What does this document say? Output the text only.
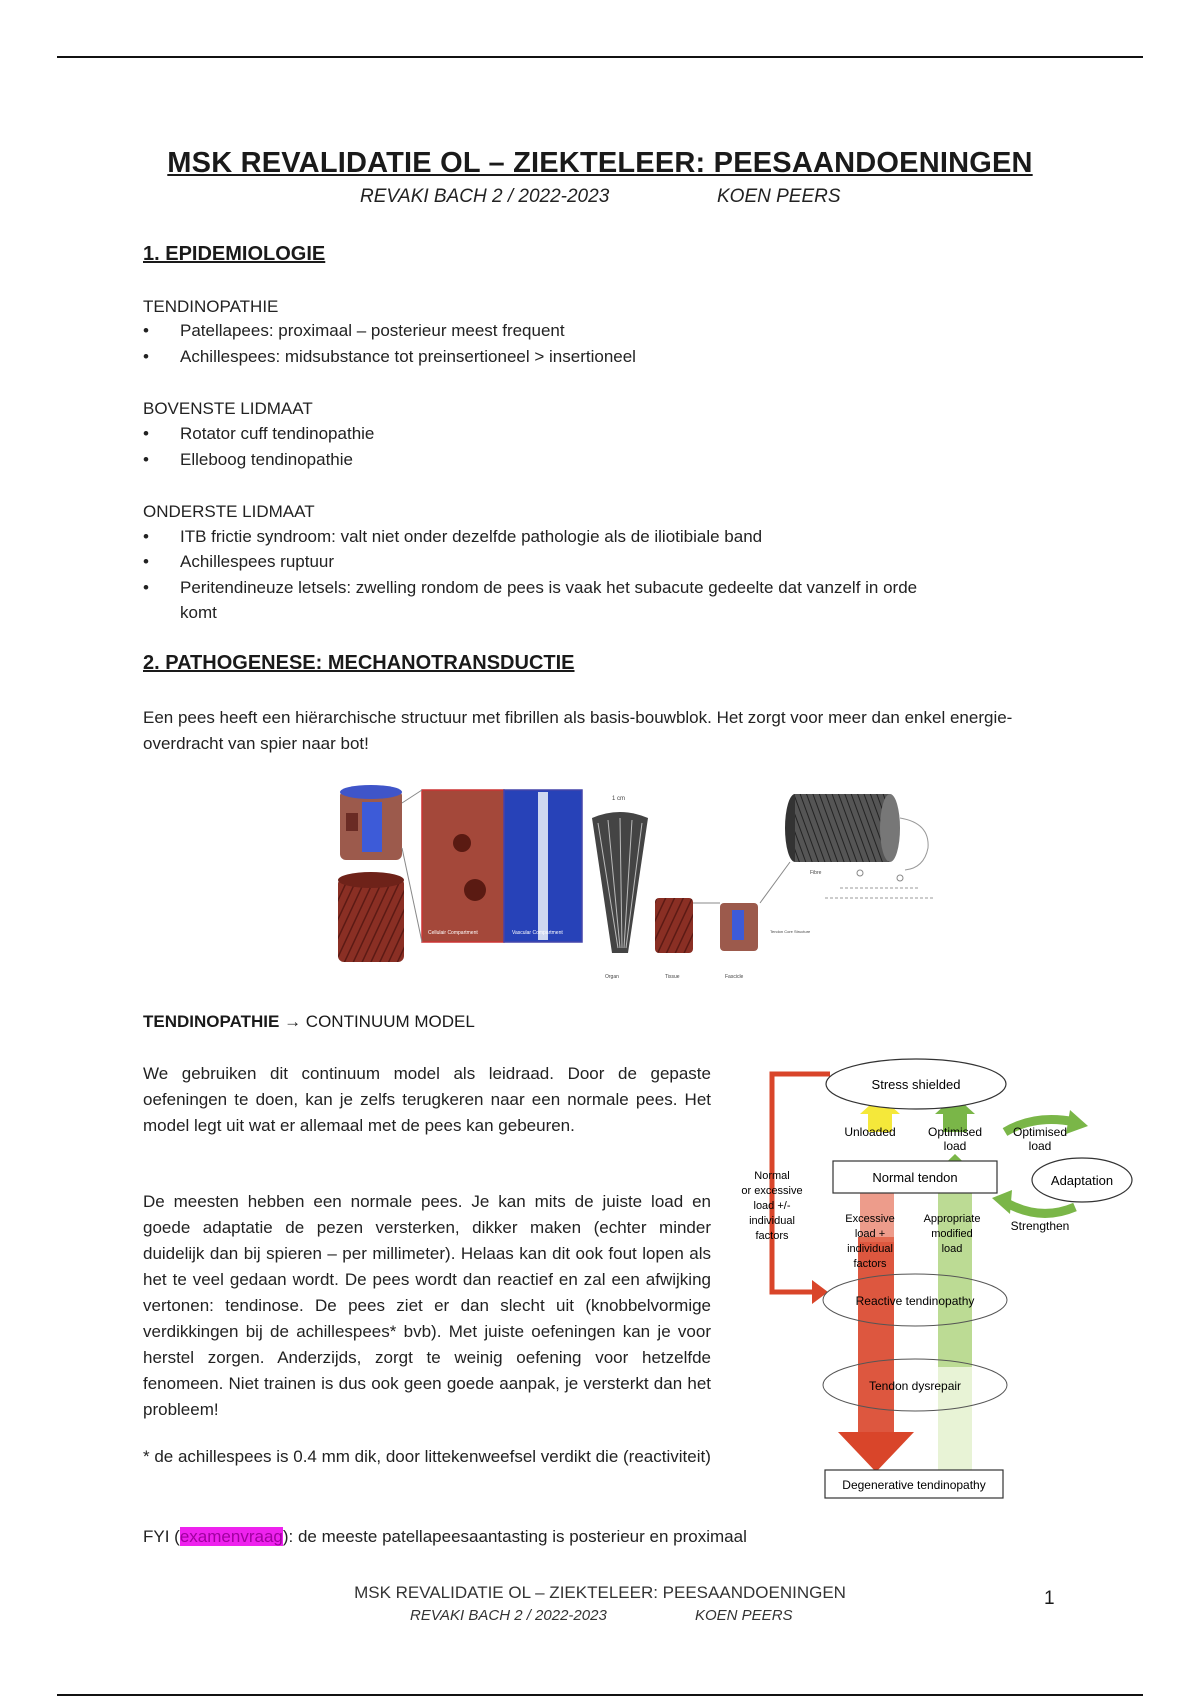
MSK REVALIDATIE OL – ZIEKTELEER: PEESAANDOENINGEN
REVAKI BACH 2 / 2022-2023	KOEN PEERS
1. EPIDEMIOLOGIE
TENDINOPATHIE
• Patellapees: proximaal – posterieur meest frequent
• Achillespees: midsubstance tot preinsertioneel > insertioneel
BOVENSTE LIDMAAT
• Rotator cuff tendinopathie
• Elleboog tendinopathie
ONDERSTE LIDMAAT
• ITB frictie syndroom: valt niet onder dezelfde pathologie als de iliotibiale band
• Achillespees ruptuur
• Peritendineuze letsels: zwelling rondom de pees is vaak het subacute gedeelte dat vanzelf in orde
komt
2. PATHOGENESE: MECHANOTRANSDUCTIE
Een pees heeft een hiërarchische structuur met fibrillen als basis-bouwblok. Het zorgt voor meer dan enkel energie-overdracht van spier naar bot!
Cellulair Compartment	Vascular Compartment
1 cm
Fibre
Tendon Core Structure
Organ	Tissue	Fascicle
TENDINOPATHIE → CONTINUUM MODEL
We gebruiken dit continuum model als leidraad. Door de gepaste oefeningen te doen, kan je zelfs terugkeren naar een normale pees. Het model legt uit wat er allemaal met de pees kan gebeuren.
De meesten hebben een normale pees. Je kan mits de juiste load en goede adaptatie de pezen versterken, dikker maken (echter minder duidelijk dan bij spieren – per millimeter). Helaas kan dit ook fout lopen als het te veel gedaan wordt. De pees wordt dan reactief en zal een afwijking vertonen: tendinose. De pees ziet er dan slecht uit (knobbelvormige verdikkingen bij de achillespees* bvb). Met juiste oefeningen kan je voor herstel zorgen. Anderzijds, zorgt te weinig oefening voor hetzelfde fenomeen. Niet trainen is dus ook geen goede aanpak, je versterkt dan het probleem!
* de achillespees is 0.4 mm dik, door littekenweefsel verdikt die (reactiviteit)
Stress shielded
Unloaded	Optimised
load
Optimised
load
Normal tendon	Adaptation
Strengthen
Normal
or excessive
load +/-
individual
factors
Excessive
load +
individual
factors
Appropriate
modified
load
Reactive tendinopathy
Tendon dysrepair
Degenerative tendinopathy
FYI (examenvraag): de meeste patellapeesaantasting is posterieur en proximaal
MSK REVALIDATIE OL – ZIEKTELEER: PEESAANDOENINGEN
REVAKI BACH 2 / 2022-2023	KOEN PEERS
1
